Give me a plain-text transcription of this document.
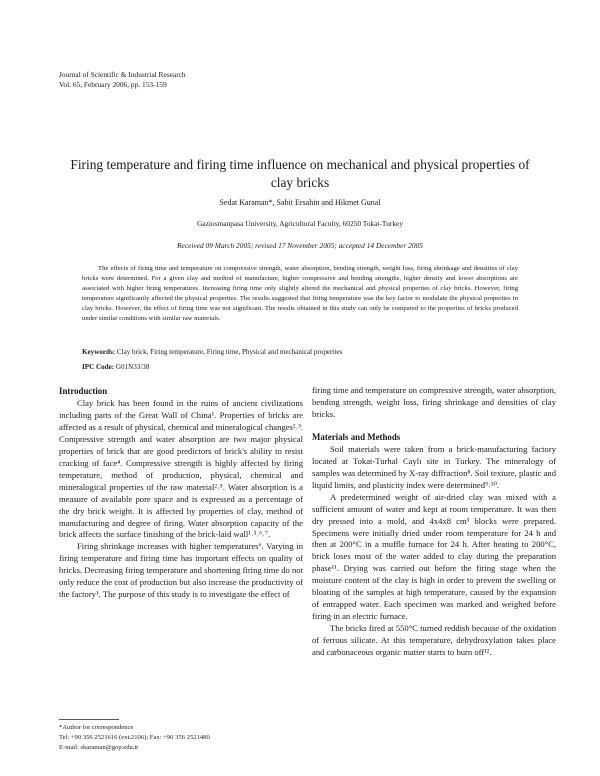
Journal of Scientific & Industrial Research
Vol. 65, February 2006, pp. 153-159
Firing temperature and firing time influence on mechanical and physical properties of clay bricks
Sedat Karaman*, Sabit Ersahin and Hikmet Gunal
Gaziosmanpasa University, Agricultural Faculty, 60250 Tokat-Turkey
Received 09 March 2005; revised 17 November 2005; accepted 14 December 2005

The effects of firing time and temperature on compressive strength, water absorption, bending strength, weight loss, firing shrinkage and densities of clay bricks were determined. For a given clay and method of manufacture, higher compressive and bending strengths, higher density and lower absorptions are associated with higher firing temperatures. Increasing firing time only slightly altered the mechanical and physical properties of clay bricks. However, firing temperature significantly affected the physical properties. The results suggested that firing temperature was the key factor to modulate the physical properties in clay bricks. However, the effect of firing time was not significant. The results obtained in this study can only be compared to the properties of bricks produced under similar conditions with similar raw materials.

Keywords: Clay brick, Firing temperature, Firing time, Physical and mechanical properties
IPC Code: G01N33/38
Introduction

Clay brick has been found in the ruins of ancient civilizations including parts of the Great Wall of China¹. Properties of bricks are affected as a result of physical, chemical and mineralogical changes²˒³. Compressive strength and water absorption are two major physical properties of brick that are good predictors of brick's ability to resist cracking of face⁴. Compressive strength is highly affected by firing temperature, method of production, physical, chemical and mineralogical properties of the raw material²˒⁵. Water absorption is a measure of available pore space and is expressed as a percentage of the dry brick weight. It is affected by properties of clay, method of manufacturing and degree of firing. Water absorption capacity of the brick affects the surface finishing of the brick-laid wall¹˒³˒⁶˒⁷.

Firing shrinkage increases with higher temperatures⁶. Varying in firing temperature and firing time has important effects on quality of bricks. Decreasing firing temperature and shortening firing time do not only reduce the cost of production but also increase the productivity of the factory¹. The purpose of this study is to investigate the effect of

firing time and temperature on compressive strength, water absorption, bending strength, weight loss, firing shrinkage and densities of clay bricks.

Materials and Methods

Soil materials were taken from a brick-manufacturing factory located at Tokat-Turhal Caylı site in Turkey. The mineralogy of samples was determined by X-ray diffraction⁸. Soil texture, plastic and liquid limits, and plasticity index were determined⁹˒¹⁰.

A predetermined weight of air-dried clay was mixed with a sufficient amount of water and kept at room temperature. It was then dry pressed into a mold, and 4x4x8 cm³ blocks were prepared. Specimens were initially dried under room temperature for 24 h and then at 200°C in a muffle furnace for 24 h. After heating to 200°C, brick loses most of the water added to clay during the preparation phase¹¹. Drying was carried out before the firing stage when the moisture content of the clay is high in order to prevent the swelling or bloating of the samples at high temperature, caused by the expansion of entrapped water. Each specimen was marked and weighed before firing in an electric furnace.

The bricks fired at 550°C turned reddish because of the oxidation of ferrous silicate. At this temperature, dehydroxylation takes place and carbonaceous organic matter starts to burn off¹².

*Author for correspondence
Tel: +90 356 2521616 (ext.2106); Fax: +90 356 2521480
E-mail: skaraman@gop.edu.tr
